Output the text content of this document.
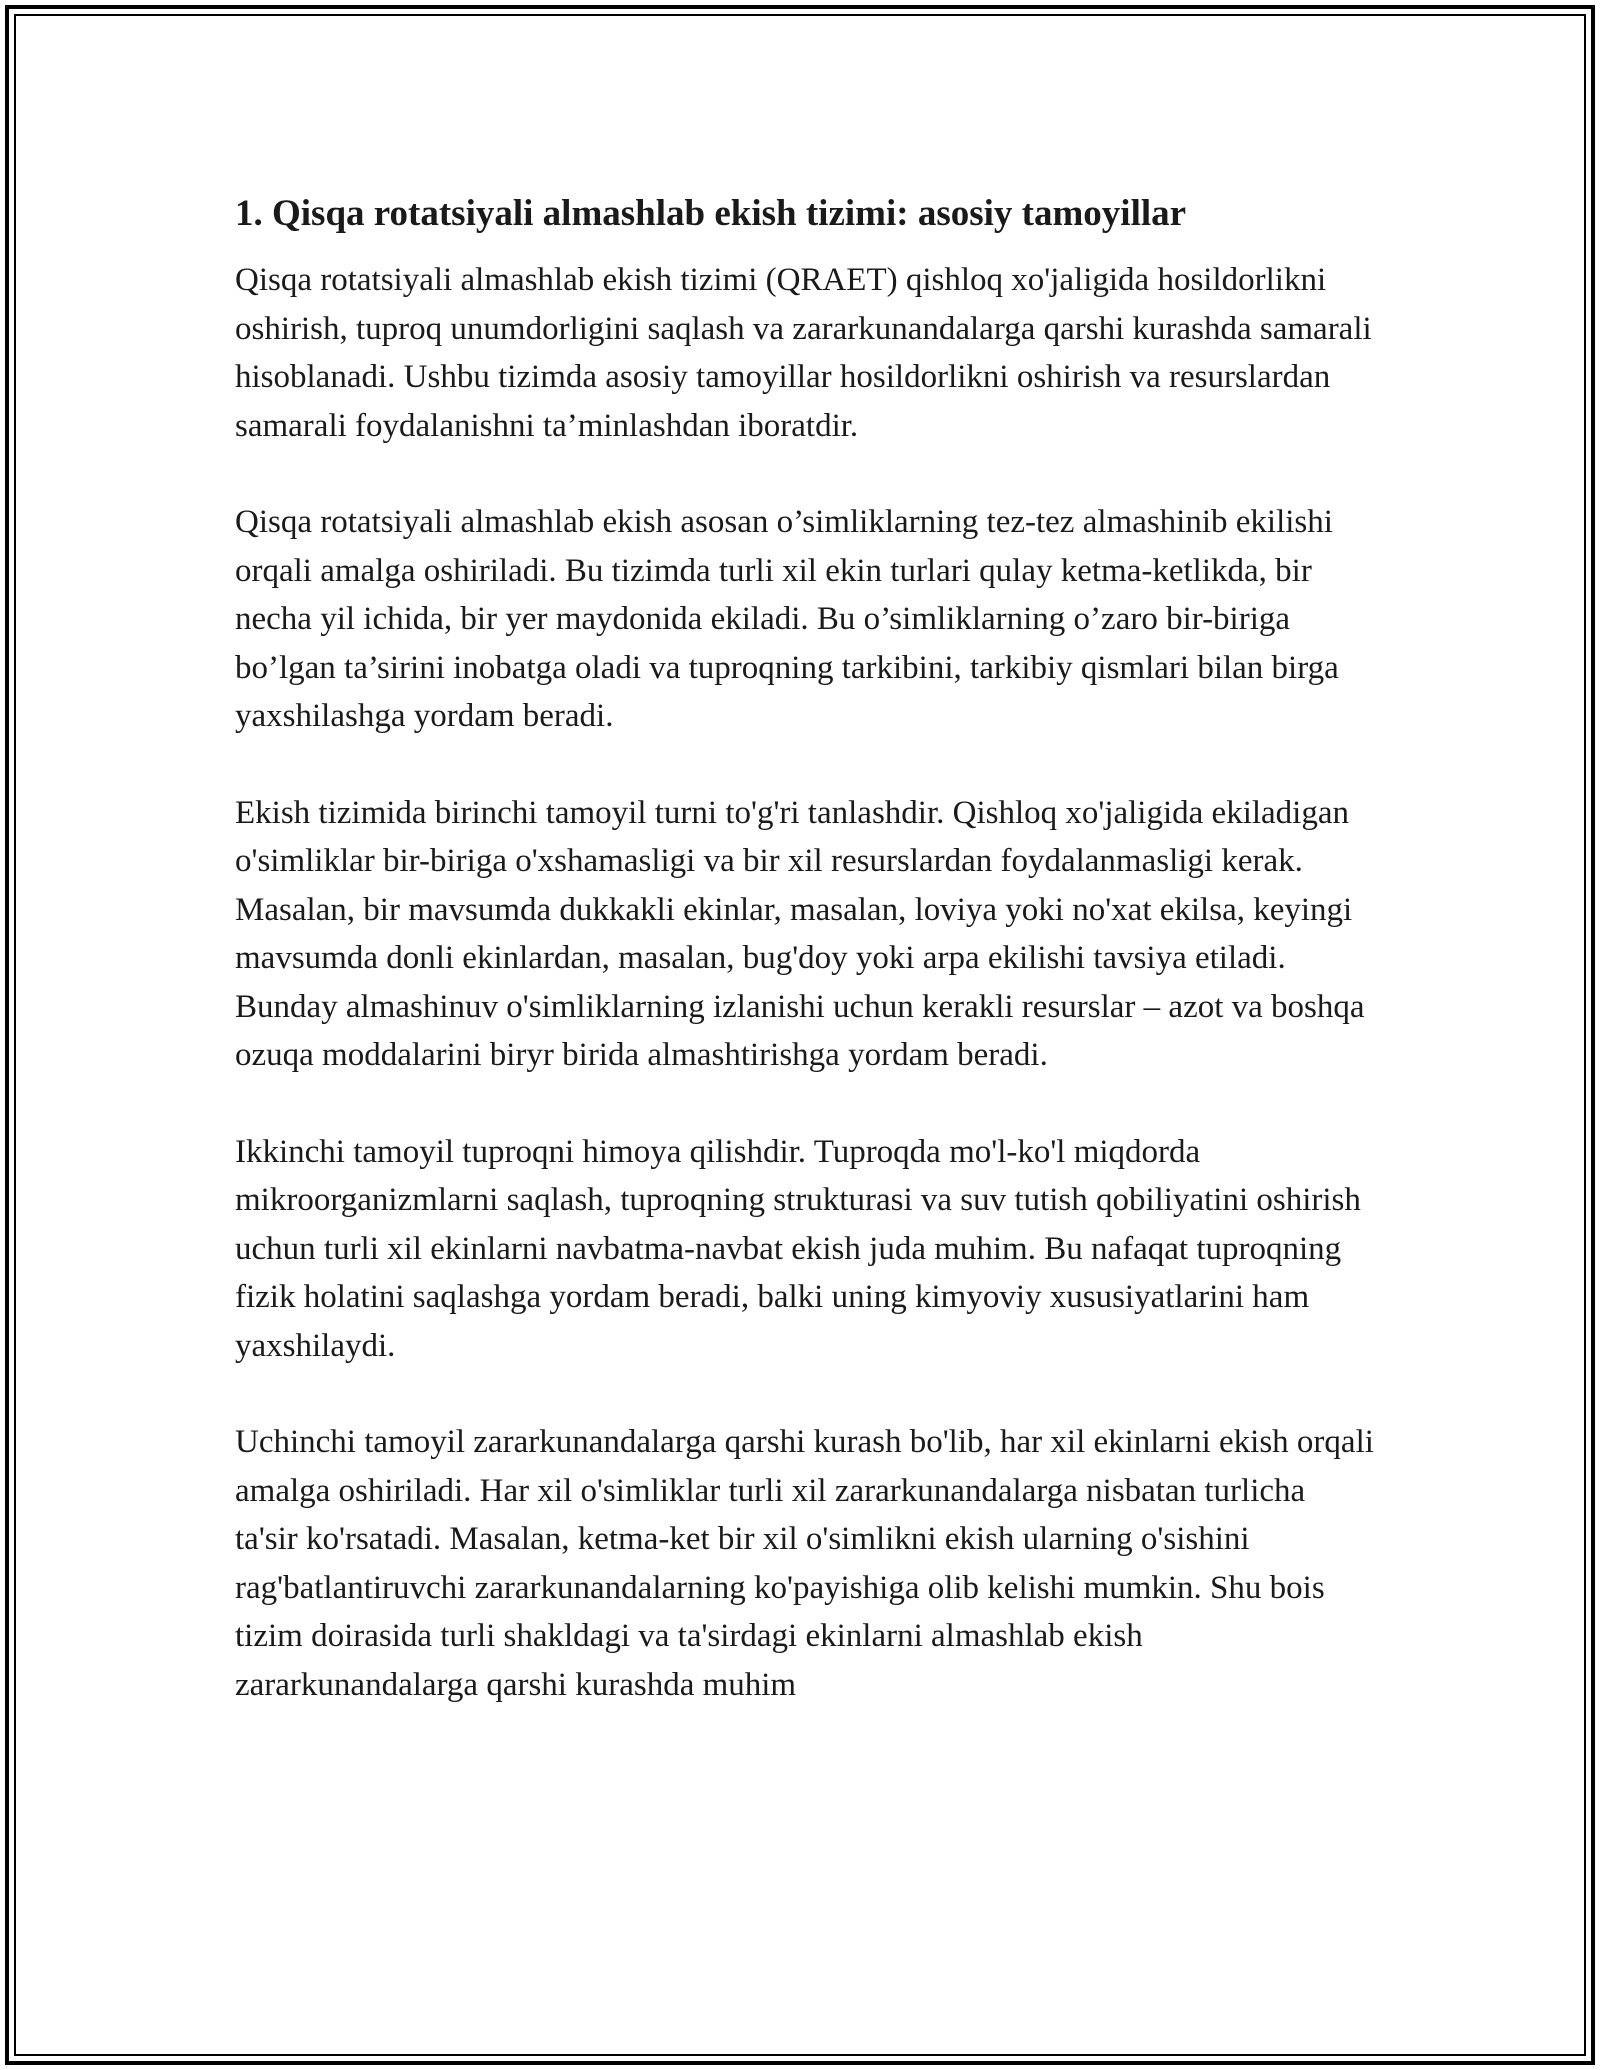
1. Qisqa rotatsiyali almashlab ekish tizimi: asosiy tamoyillar

Qisqa rotatsiyali almashlab ekish tizimi (QRAET) qishloq xo'jaligida hosildorlikni oshirish, tuproq unumdorligini saqlash va zararkunandalarga qarshi kurashda samarali hisoblanadi. Ushbu tizimda asosiy tamoyillar hosildorlikni oshirish va resurslardan samarali foydalanishni ta’minlashdan iboratdir.

Qisqa rotatsiyali almashlab ekish asosan o’simliklarning tez-tez almashinib ekilishi orqali amalga oshiriladi. Bu tizimda turli xil ekin turlari qulay ketma-ketlikda, bir necha yil ichida, bir yer maydonida ekiladi. Bu o’simliklarning o’zaro bir-biriga bo’lgan ta’sirini inobatga oladi va tuproqning tarkibini, tarkibiy qismlari bilan birga yaxshilashga yordam beradi.

Ekish tizimida birinchi tamoyil turni to'g'ri tanlashdir. Qishloq xo'jaligida ekiladigan o'simliklar bir-biriga o'xshamasligi va bir xil resurslardan foydalanmasligi kerak. Masalan, bir mavsumda dukkakli ekinlar, masalan, loviya yoki no'xat ekilsa, keyingi mavsumda donli ekinlardan, masalan, bug'doy yoki arpa ekilishi tavsiya etiladi. Bunday almashinuv o'simliklarning izlanishi uchun kerakli resurslar – azot va boshqa ozuqa moddalarini biryr birida almashtirishga yordam beradi.

Ikkinchi tamoyil tuproqni himoya qilishdir. Tuproqda mo'l-ko'l miqdorda mikroorganizmlarni saqlash, tuproqning strukturasi va suv tutish qobiliyatini oshirish uchun turli xil ekinlarni navbatma-navbat ekish juda muhim. Bu nafaqat tuproqning fizik holatini saqlashga yordam beradi, balki uning kimyoviy xususiyatlarini ham yaxshilaydi.

Uchinchi tamoyil zararkunandalarga qarshi kurash bo'lib, har xil ekinlarni ekish orqali amalga oshiriladi. Har xil o'simliklar turli xil zararkunandalarga nisbatan turlicha ta'sir ko'rsatadi. Masalan, ketma-ket bir xil o'simlikni ekish ularning o'sishini rag'batlantiruvchi zararkunandalarning ko'payishiga olib kelishi mumkin. Shu bois tizim doirasida turli shakldagi va ta'sirdagi ekinlarni almashlab ekish zararkunandalarga qarshi kurashda muhim
